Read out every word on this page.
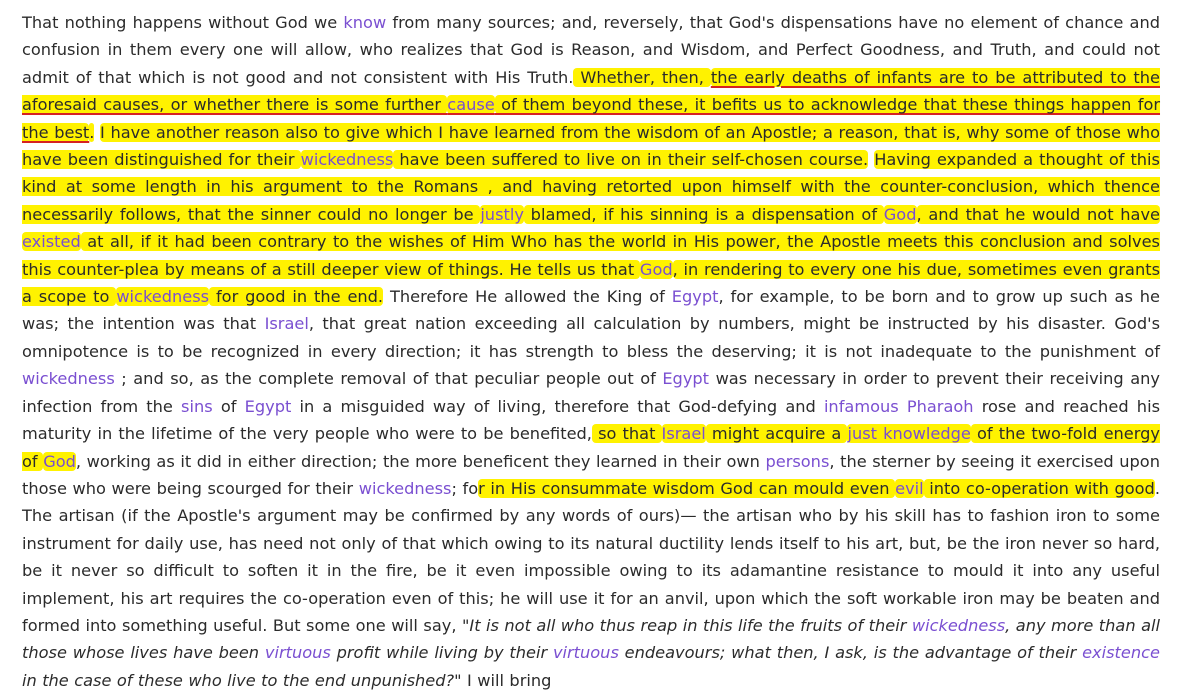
That nothing happens without God we know from many sources; and, reversely, that God's dispensations have no element of chance and confusion in them every one will allow, who realizes that God is Reason, and Wisdom, and Perfect Goodness, and Truth, and could not admit of that which is not good and not consistent with His Truth. Whether, then, the early deaths of infants are to be attributed to the aforesaid causes, or whether there is some further cause of them beyond these, it befits us to acknowledge that these things happen for the best. I have another reason also to give which I have learned from the wisdom of an Apostle; a reason, that is, why some of those who have been distinguished for their wickedness have been suffered to live on in their self-chosen course. Having expanded a thought of this kind at some length in his argument to the Romans , and having retorted upon himself with the counter-conclusion, which thence necessarily follows, that the sinner could no longer be justly blamed, if his sinning is a dispensation of God, and that he would not have existed at all, if it had been contrary to the wishes of Him Who has the world in His power, the Apostle meets this conclusion and solves this counter-plea by means of a still deeper view of things. He tells us that God, in rendering to every one his due, sometimes even grants a scope to wickedness for good in the end. Therefore He allowed the King of Egypt, for example, to be born and to grow up such as he was; the intention was that Israel, that great nation exceeding all calculation by numbers, might be instructed by his disaster. God's omnipotence is to be recognized in every direction; it has strength to bless the deserving; it is not inadequate to the punishment of wickedness ; and so, as the complete removal of that peculiar people out of Egypt was necessary in order to prevent their receiving any infection from the sins of Egypt in a misguided way of living, therefore that God-defying and infamous Pharaoh rose and reached his maturity in the lifetime of the very people who were to be benefited, so that Israel might acquire a just knowledge of the two-fold energy of God, working as it did in either direction; the more beneficent they learned in their own persons, the sterner by seeing it exercised upon those who were being scourged for their wickedness; for in His consummate wisdom God can mould even evil into co-operation with good. The artisan (if the Apostle's argument may be confirmed by any words of ours)— the artisan who by his skill has to fashion iron to some instrument for daily use, has need not only of that which owing to its natural ductility lends itself to his art, but, be the iron never so hard, be it never so difficult to soften it in the fire, be it even impossible owing to its adamantine resistance to mould it into any useful implement, his art requires the co-operation even of this; he will use it for an anvil, upon which the soft workable iron may be beaten and formed into something useful. But some one will say, "It is not all who thus reap in this life the fruits of their wickedness, any more than all those whose lives have been virtuous profit while living by their virtuous endeavours; what then, I ask, is the advantage of their existence in the case of these who live to the end unpunished?" I will bring
